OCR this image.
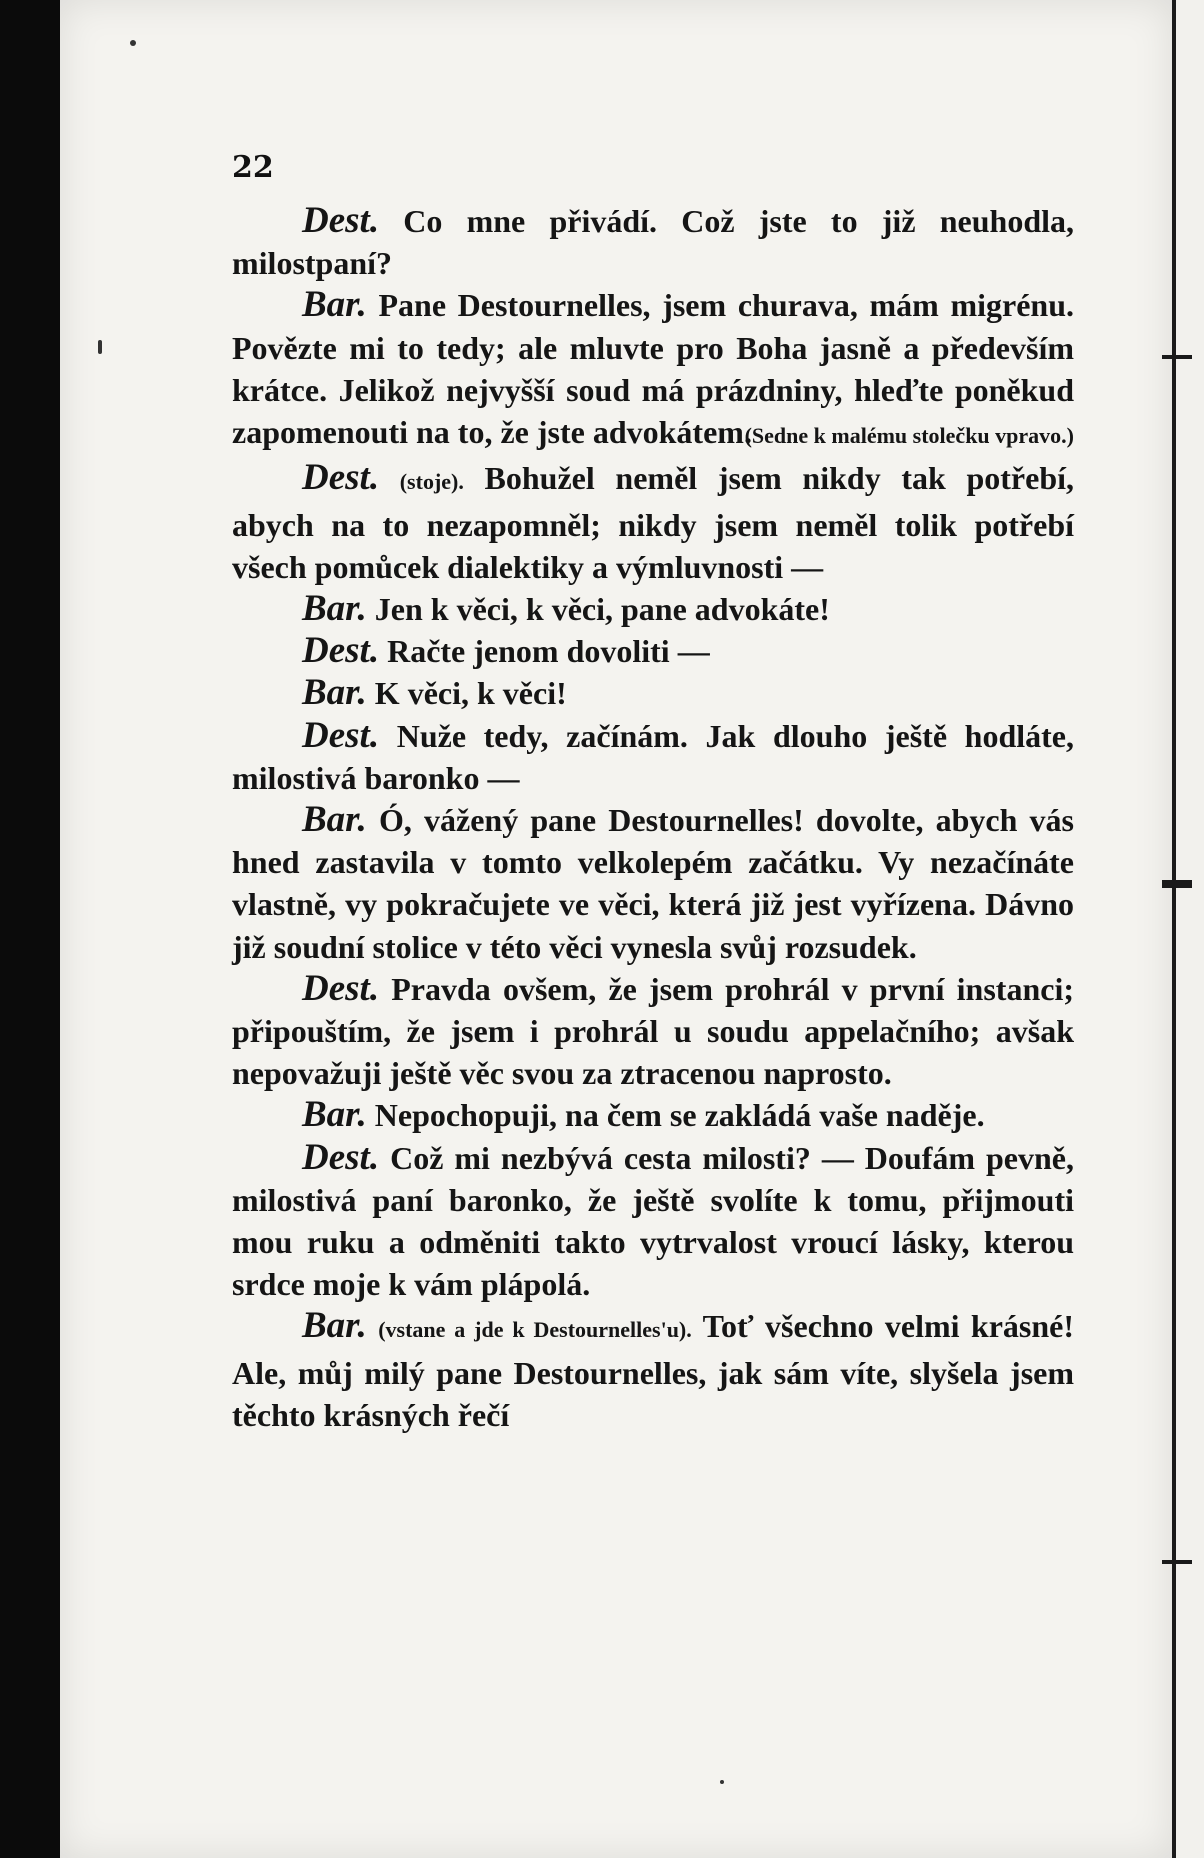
22

Dest. Co mne přivádí. Což jste to již neuhodla, milostpaní?

Bar. Pane Destournelles, jsem churava, mám migrénu. Povězte mi to tedy; ale mluvte pro Boha jasně a především krátce. Jelikož nejvyšší soud má prázdniny, hleďte poněkud zapomenouti na to, že jste advokátem.

(Sedne k malému stolečku vpravo.)

Dest. (stoje). Bohužel neměl jsem nikdy tak potřebí, abych na to nezapomněl; nikdy jsem neměl tolik potřebí všech pomůcek dialektiky a výmluvnosti —

Bar. Jen k věci, k věci, pane advokáte!

Dest. Račte jenom dovoliti —

Bar. K věci, k věci!

Dest. Nuže tedy, začínám. Jak dlouho ještě hodláte, milostivá baronko —

Bar. Ó, vážený pane Destournelles! dovolte, abych vás hned zastavila v tomto velkolepém začátku. Vy nezačínáte vlastně, vy pokračujete ve věci, která již jest vyřízena. Dávno již soudní stolice v této věci vynesla svůj rozsudek.

Dest. Pravda ovšem, že jsem prohrál v první instanci; připouštím, že jsem i prohrál u soudu appelačního; avšak nepovažuji ještě věc svou za ztracenou naprosto.

Bar. Nepochopuji, na čem se zakládá vaše naděje.

Dest. Což mi nezbývá cesta milosti? — Doufám pevně, milostivá paní baronko, že ještě svolíte k tomu, přijmouti mou ruku a odměniti takto vytrvalost vroucí lásky, kterou srdce moje k vám plápolá.

Bar. (vstane a jde k Destournelles'u). Toť všechno velmi krásné! Ale, můj milý pane Destournelles, jak sám víte, slyšela jsem těchto krásných řečí
